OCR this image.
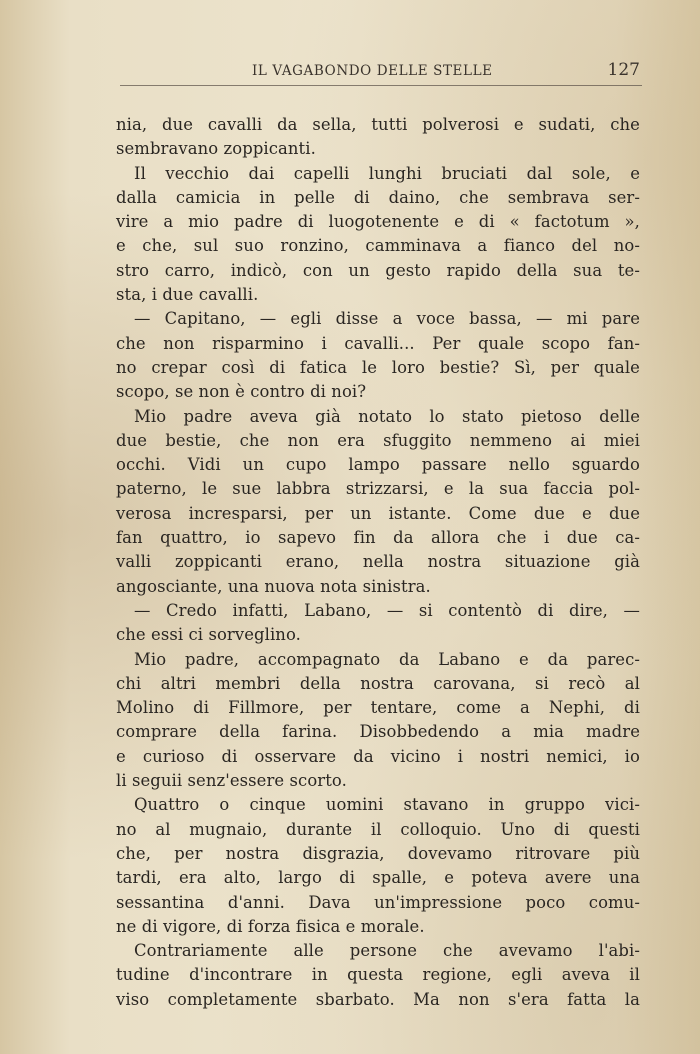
IL VAGABONDO DELLE STELLE	127
nia, due cavalli da sella, tutti polverosi e sudati, che
sembravano zoppicanti.
Il vecchio dai capelli lunghi bruciati dal sole, e
dalla camicia in pelle di daino, che sembrava ser-
vire a mio padre di luogotenente e di « factotum »,
e che, sul suo ronzino, camminava a fianco del no-
stro carro, indicò, con un gesto rapido della sua te-
sta, i due cavalli.
— Capitano, — egli disse a voce bassa, — mi pare
che non risparmino i cavalli... Per quale scopo fan-
no crepar così di fatica le loro bestie? Sì, per quale
scopo, se non è contro di noi?
Mio padre aveva già notato lo stato pietoso delle
due bestie, che non era sfuggito nemmeno ai miei
occhi. Vidi un cupo lampo passare nello sguardo
paterno, le sue labbra strizzarsi, e la sua faccia pol-
verosa incresparsi, per un istante. Come due e due
fan quattro, io sapevo fin da allora che i due ca-
valli zoppicanti erano, nella nostra situazione già
angosciante, una nuova nota sinistra.
— Credo infatti, Labano, — si contentò di dire, —
che essi ci sorveglino.
Mio padre, accompagnato da Labano e da parec-
chi altri membri della nostra carovana, si recò al
Molino di Fillmore, per tentare, come a Nephi, di
comprare della farina. Disobbedendo a mia madre
e curioso di osservare da vicino i nostri nemici, io
li seguii senz'essere scorto.
Quattro o cinque uomini stavano in gruppo vici-
no al mugnaio, durante il colloquio. Uno di questi
che, per nostra disgrazia, dovevamo ritrovare più
tardi, era alto, largo di spalle, e poteva avere una
sessantina d'anni. Dava un'impressione poco comu-
ne di vigore, di forza fisica e morale.
Contrariamente alle persone che avevamo l'abi-
tudine d'incontrare in questa regione, egli aveva il
viso completamente sbarbato. Ma non s'era fatta la
